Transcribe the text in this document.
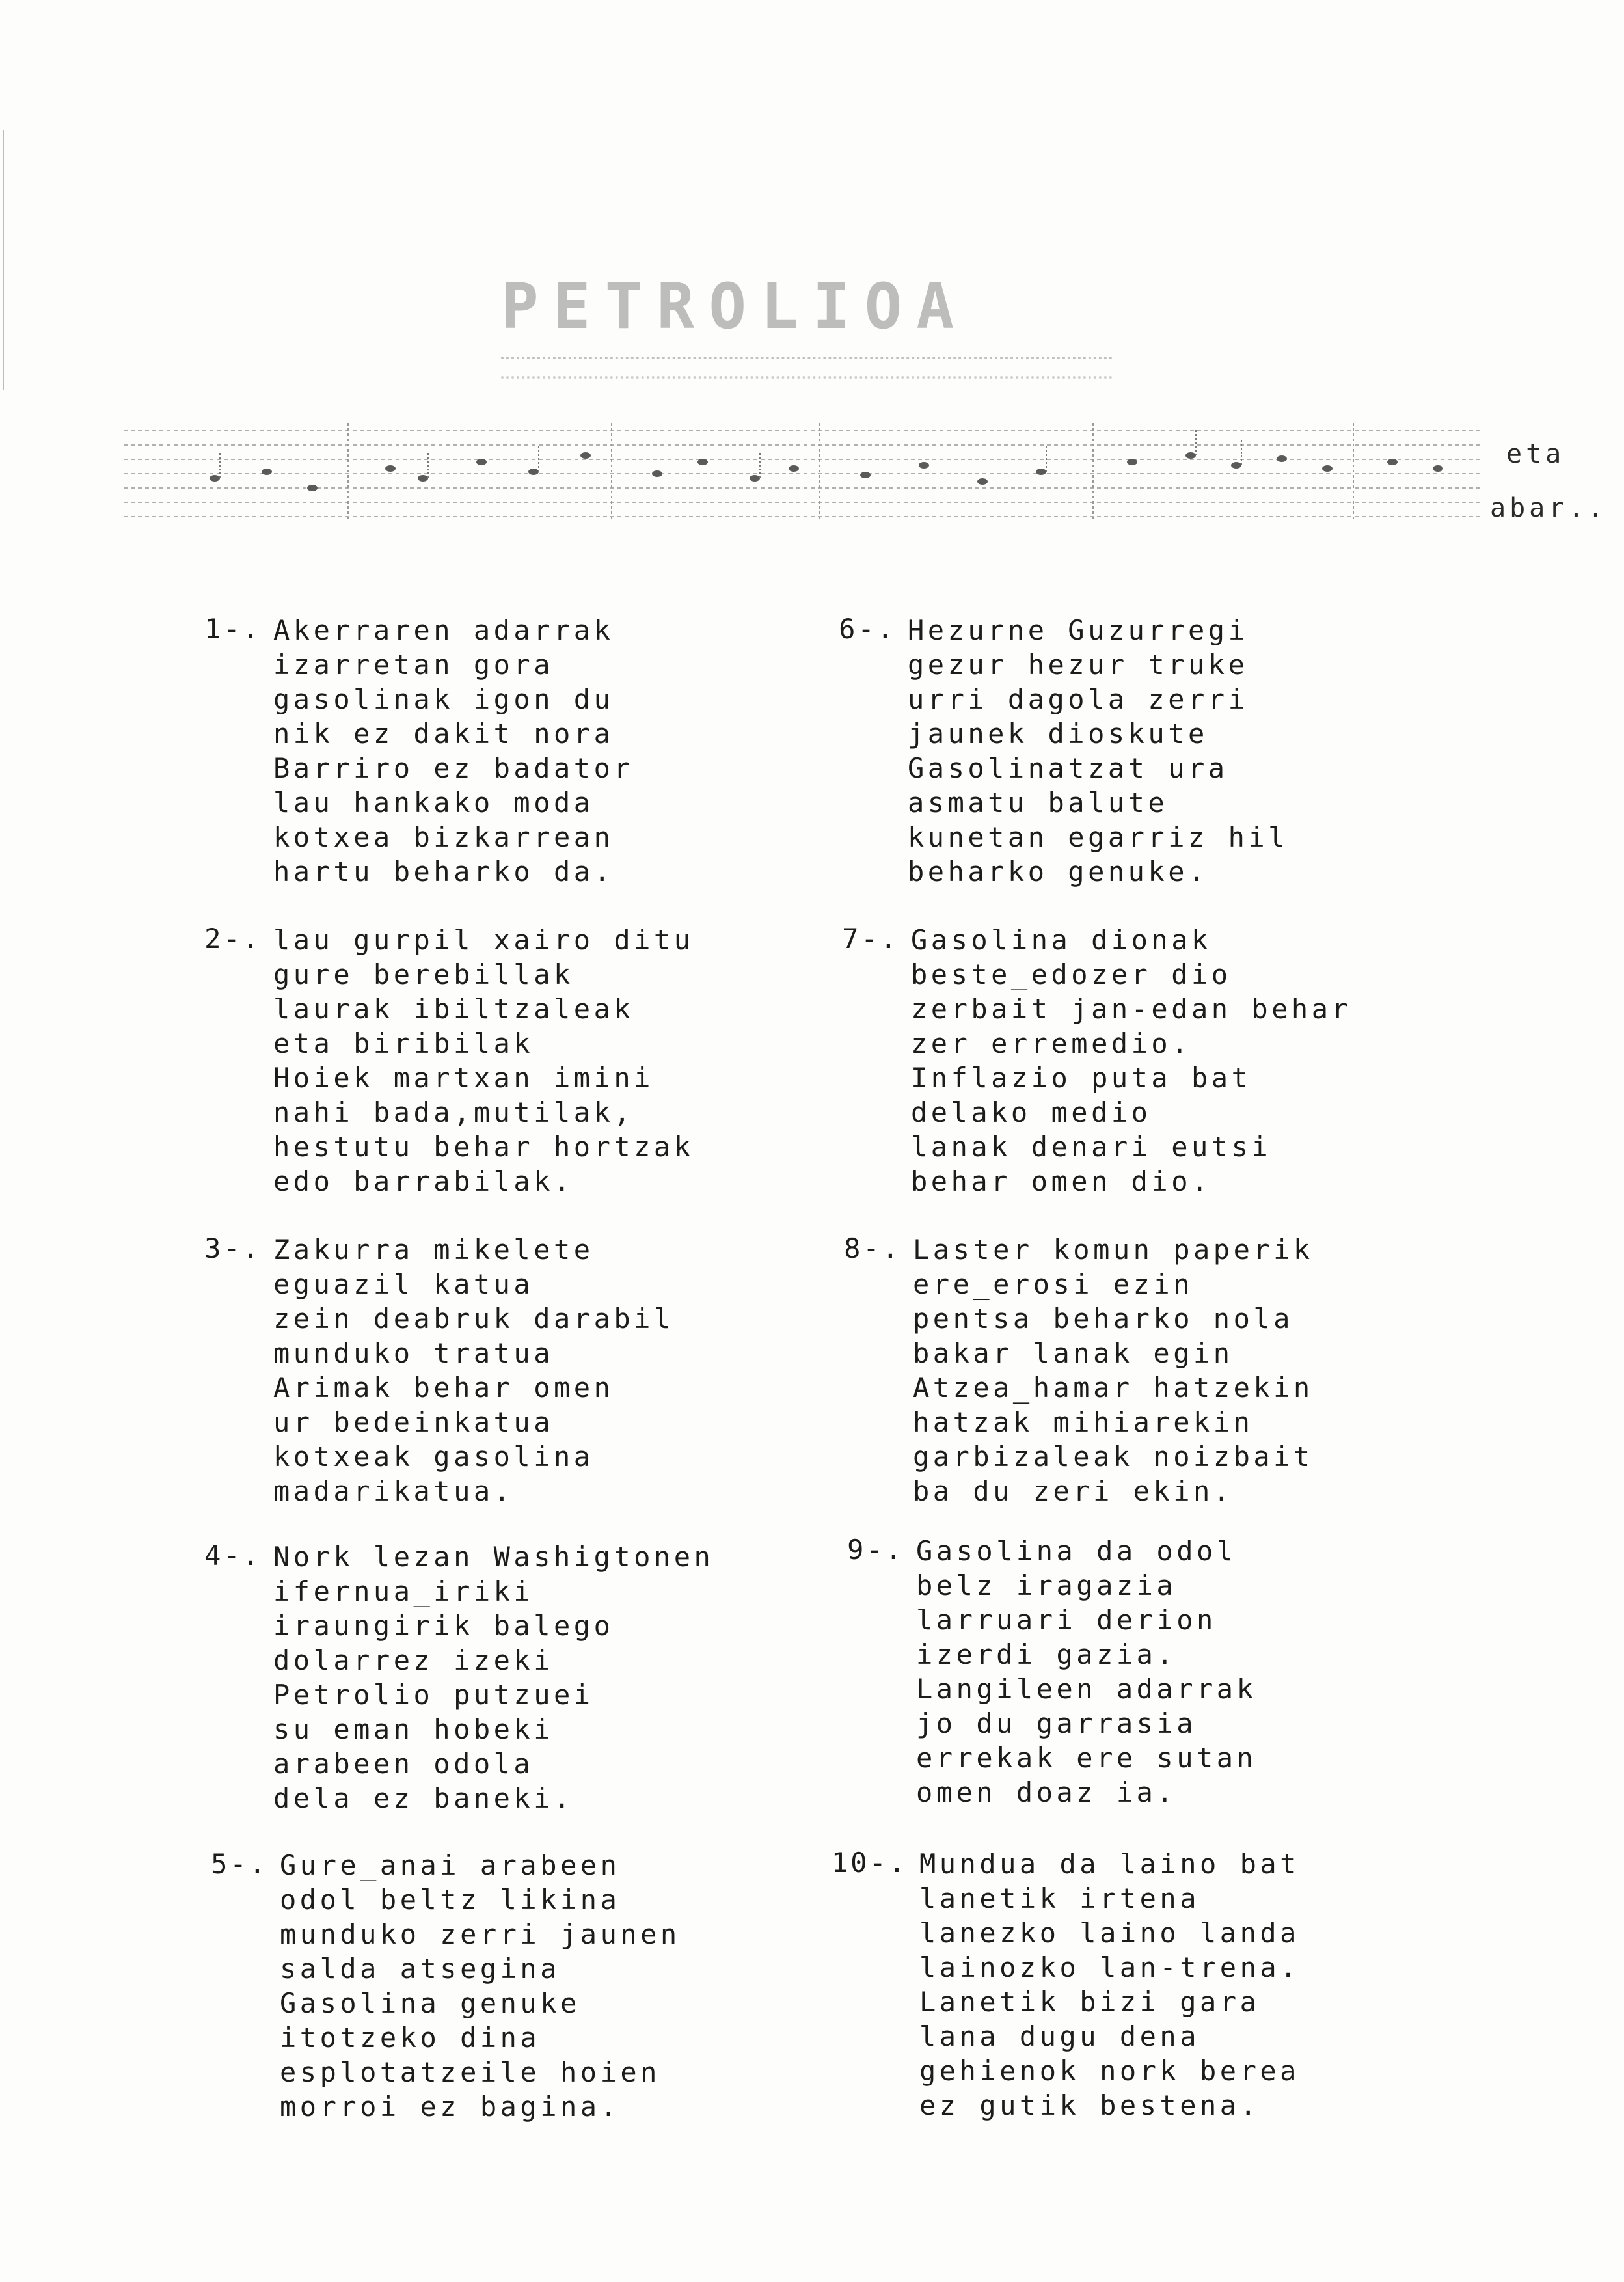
PETROLIOA
eta
abar..
1-. Akerraren adarrak
izarretan gora
gasolinak igon du
nik ez dakit nora
Barriro ez badator
lau hankako moda
kotxea bizkarrean
hartu beharko da.
2-. lau gurpil xairo ditu
gure berebillak
laurak ibiltzaleak
eta biribilak
Hoiek martxan imini
nahi bada,mutilak,
hestutu behar hortzak
edo barrabilak.
3-. Zakurra mikelete
eguazil katua
zein deabruk darabil
munduko tratua
Arimak behar omen
ur bedeinkatua
kotxeak gasolina
madarikatua.
4-. Nork lezan Washigtonen
ifernua_iriki
iraungirik balego
dolarrez izeki
Petrolio putzuei
su eman hobeki
arabeen odola
dela ez baneki.
5-. Gure_anai arabeen
odol beltz likina
munduko zerri jaunen
salda atsegina
Gasolina genuke
itotzeko dina
esplotatzeile hoien
morroi ez bagina.
6-. Hezurne Guzurregi
gezur hezur truke
urri dagola zerri
jaunek dioskute
Gasolinatzat ura
asmatu balute
kunetan egarriz hil
beharko genuke.
7-. Gasolina dionak
beste_edozer dio
zerbait jan-edan behar
zer erremedio.
Inflazio puta bat
delako medio
lanak denari eutsi
behar omen dio.
8-. Laster komun paperik
ere_erosi ezin
pentsa beharko nola
bakar lanak egin
Atzea_hamar hatzekin
hatzak mihiarekin
garbizaleak noizbait
ba du zeri ekin.
9-. Gasolina da odol
belz iragazia
larruari derion
izerdi gazia.
Langileen adarrak
jo du garrasia
errekak ere sutan
omen doaz ia.
10-. Mundua da laino bat
lanetik irtena
lanezko laino landa
lainozko lan-trena.
Lanetik bizi gara
lana dugu dena
gehienok nork berea
ez gutik bestena.
